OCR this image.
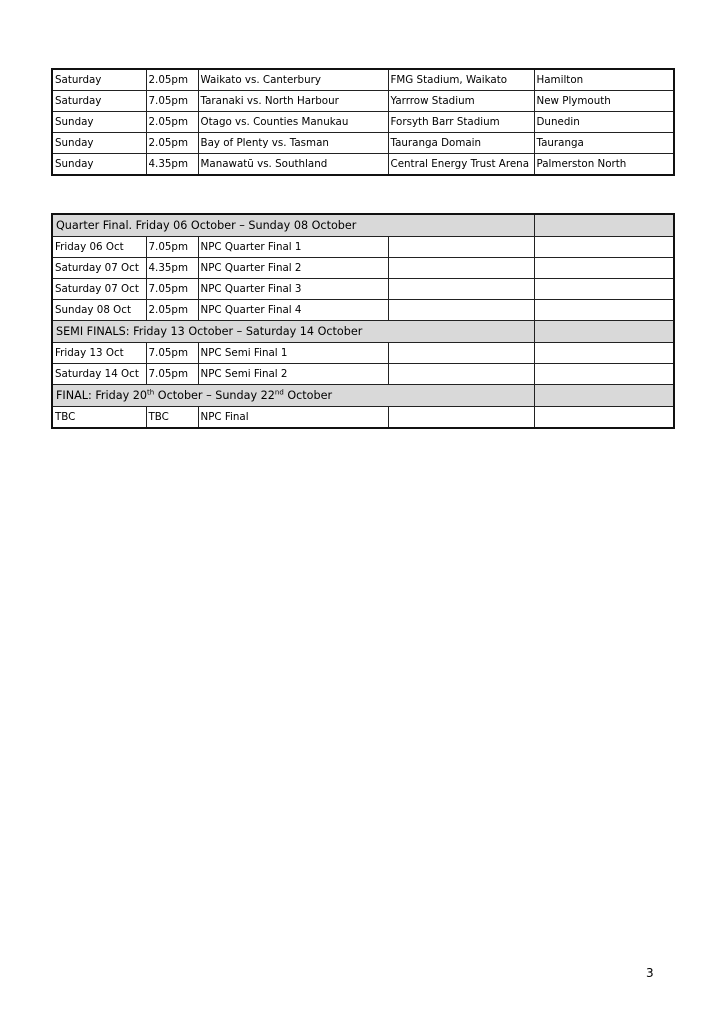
Saturday	2.05pm	Waikato vs. Canterbury	FMG Stadium, Waikato	Hamilton
Saturday	7.05pm	Taranaki vs. North Harbour	Yarrrow Stadium	New Plymouth
Sunday	2.05pm	Otago vs. Counties Manukau	Forsyth Barr Stadium	Dunedin
Sunday	2.05pm	Bay of Plenty vs. Tasman	Tauranga Domain	Tauranga
Sunday	4.35pm	Manawatū vs. Southland	Central Energy Trust Arena	Palmerston North
Quarter Final. Friday 06 October – Sunday 08 October				
Friday 06 Oct	7.05pm	NPC Quarter Final 1		
Saturday 07 Oct	4.35pm	NPC Quarter Final 2		
Saturday 07 Oct	7.05pm	NPC Quarter Final 3		
Sunday 08 Oct	2.05pm	NPC Quarter Final 4		
SEMI FINALS: Friday 13 October – Saturday 14 October				
Friday 13 Oct	7.05pm	NPC Semi Final 1		
Saturday 14 Oct	7.05pm	NPC Semi Final 2		
FINAL: Friday 20th October – Sunday 22nd October				
TBC	TBC	NPC Final		
3
